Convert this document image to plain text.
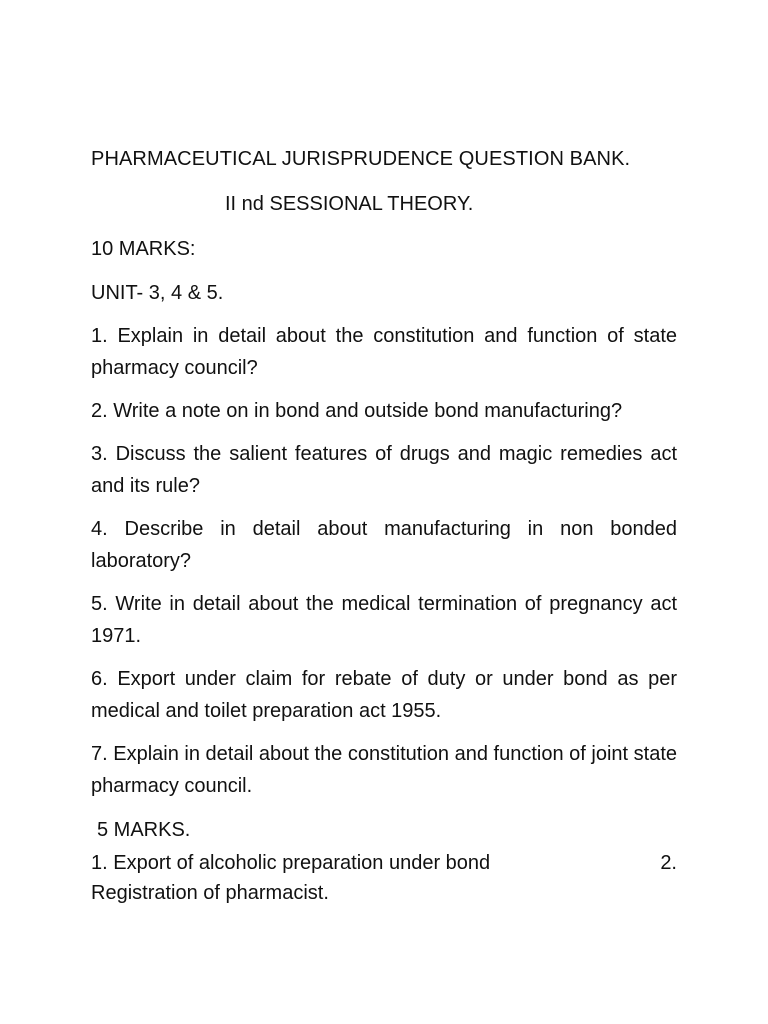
PHARMACEUTICAL JURISPRUDENCE QUESTION BANK.

II nd SESSIONAL THEORY.

10 MARKS:

UNIT- 3, 4 & 5.

1. Explain in detail about the constitution and function of state pharmacy council?
2. Write a note on in bond and outside bond manufacturing?
3. Discuss the salient features of drugs and magic remedies act and its rule?
4. Describe in detail about manufacturing in non bonded laboratory?
5. Write in detail about the medical termination of pregnancy act 1971.
6. Export under claim for rebate of duty or under bond as per medical and toilet preparation act 1955.
7. Explain in detail about the constitution and function of joint state pharmacy council.

5 MARKS.

1. Export of alcoholic preparation under bond	2.

Registration of pharmacist.
